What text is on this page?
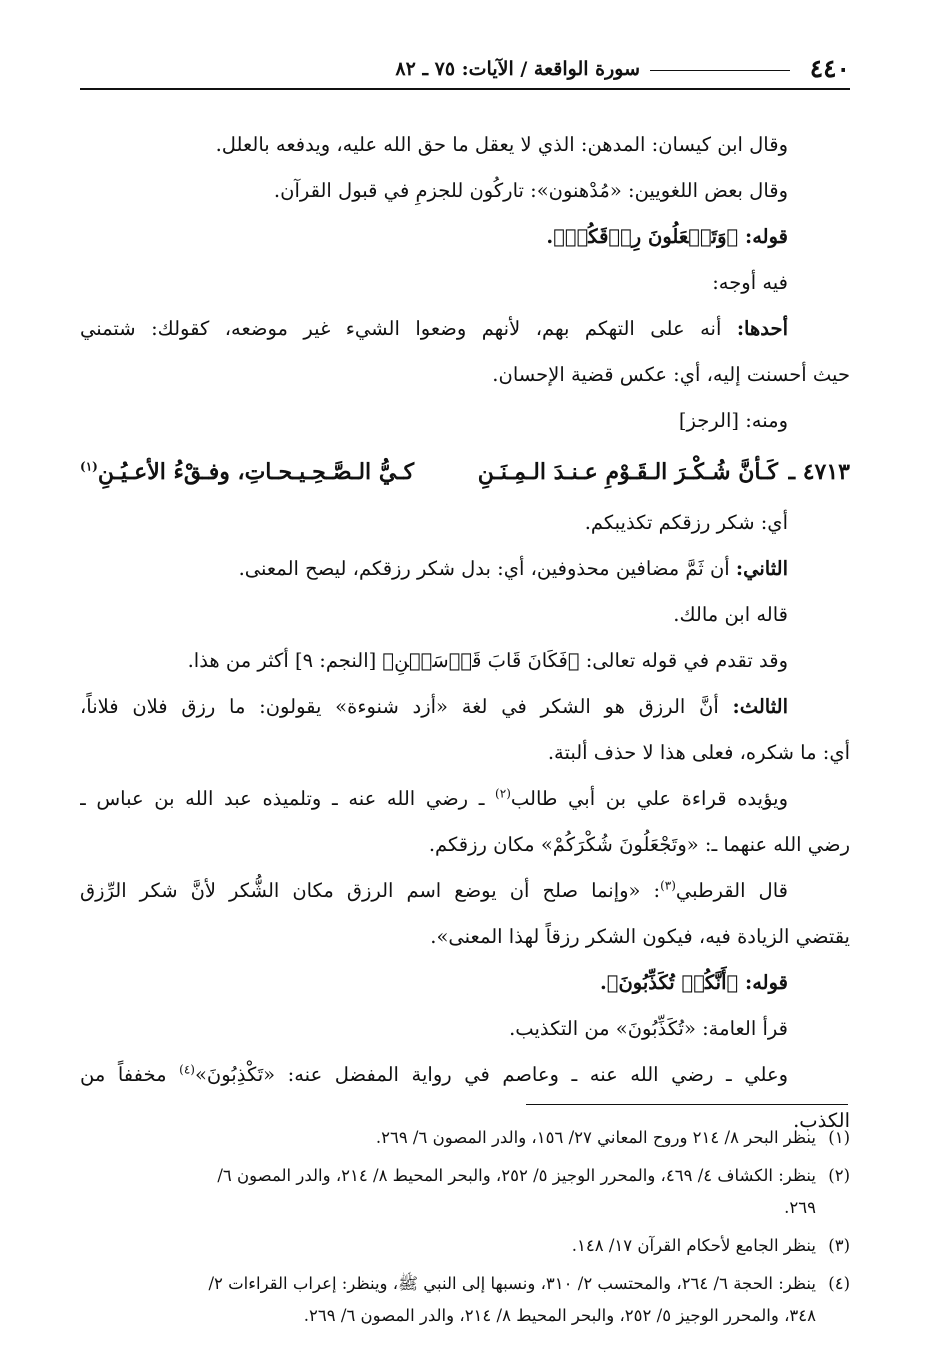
٤٤٠
سورة الواقعة / الآيات: ٧٥ ـ ٨٢
وقال ابن كيسان: المدهن: الذي لا يعقل ما حق الله عليه، ويدفعه بالعلل.
وقال بعض اللغويين: «مُدْهنون»: تاركُون للجزمِ في قبول القرآن.
قوله: ﴿وَتَجۡعَلُونَ رِزۡقَكُمۡ﴾.
فيه أوجه:
أحدها: أنه على التهكم بهم، لأنهم وضعوا الشيء غير موضعه، كقولك: شتمني
حيث أحسنت إليه، أي: عكس قضية الإحسان.
ومنه: [الرجز]
٤٧١٣ ـ
كَـأنَّ شُـكْـرَ الـقَـوْمِ عـنـدَ الـمِـنَـنِ
كـيُّ الـصَّـحِـيـحـاتِ، وفـقْءُ الأعـيُـنِ$^{(١)}$
أي: شكر رزقكم تكذيبكم.
الثاني: أن ثَمَّ مضافين محذوفين، أي: بدل شكر رزقكم، ليصح المعنى.
قاله ابن مالك.
وقد تقدم في قوله تعالى: ﴿فَكَانَ قَابَ قَوۡسَيۡنِ﴾ [النجم: ٩] أكثر من هذا.
الثالث: أنَّ الرزق هو الشكر في لغة «أزد شنوءة» يقولون: ما رزق فلان فلاناً،
أي: ما شكره، فعلى هذا لا حذف ألبتة.
ويؤيده قراءة علي بن أبي طالب$^{(٢)}$ ـ رضي الله عنه ـ وتلميذه عبد الله بن عباس ـ
رضي الله عنهما ـ: «وتَجْعَلُونَ شُكْرَكُمْ» مكان رزقكم.
قال القرطبي$^{(٣)}$: «وإنما صلح أن يوضع اسم الرزق مكان الشُّكر لأنَّ شكر الرِّزق
يقتضي الزيادة فيه، فيكون الشكر رزقاً لهذا المعنى».
قوله: ﴿أَنَّكُمۡ تُكَذِّبُونَ﴾.
قرأ العامة: «تُكَذِّبُونَ» من التكذيب.
وعلي ـ رضي الله عنه ـ وعاصم في رواية المفضل عنه: «تَكْذِبُونَ»$^{(٤)}$ مخففاً من
الكذب.
(١)ينظر البحر ٨/ ٢١٤ وروح المعاني ٢٧/ ١٥٦، والدر المصون ٦/ ٢٦٩.
(٢)ينظر: الكشاف ٤/ ٤٦٩، والمحرر الوجيز ٥/ ٢٥٢، والبحر المحيط ٨/ ٢١٤، والدر المصون ٦/
٢٦٩.
(٣)ينظر الجامع لأحكام القرآن ١٧/ ١٤٨.
(٤)ينظر: الحجة ٦/ ٢٦٤، والمحتسب ٢/ ٣١٠، ونسبها إلى النبي ﷺ، وينظر: إعراب القراءات ٢/
٣٤٨، والمحرر الوجيز ٥/ ٢٥٢، والبحر المحيط ٨/ ٢١٤، والدر المصون ٦/ ٢٦٩.
